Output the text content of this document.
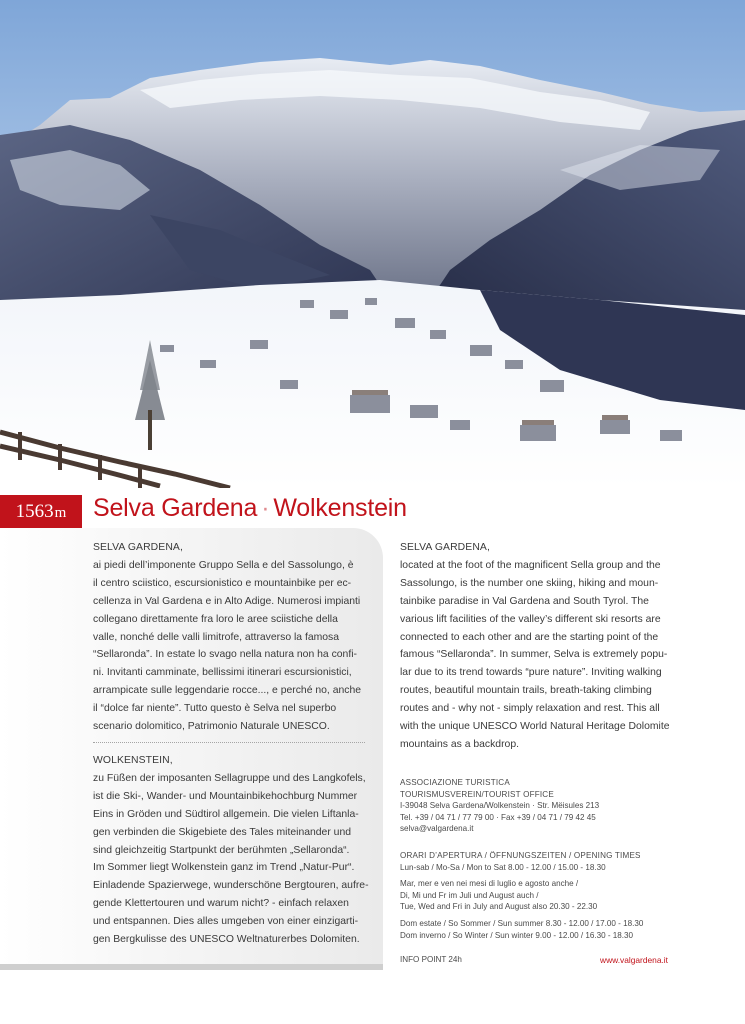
1563 m Selva Gardena · Wolkenstein
SELVA GARDENA,

ai piedi dell’imponente Gruppo Sella e del Sassolungo, è

il centro sciistico, escursionistico e mountainbike per ec-

cellenza in Val Gardena e in Alto Adige. Numerosi impianti

collegano direttamente fra loro le aree sciistiche della

valle, nonché delle valli limitrofe, attraverso la famosa

“Sellaronda”. In estate lo svago nella natura non ha confi-

ni. Invitanti camminate, bellissimi itinerari escursionistici,

arrampicate sulle leggendarie rocce..., e perché no, anche

il “dolce far niente”. Tutto questo è Selva nel superbo

scenario dolomitico, Patrimonio Naturale UNESCO.

WOLKENSTEIN,

zu Füßen der imposanten Sellagruppe und des Langkofels,

ist die Ski-, Wander- und Mountainbikehochburg Nummer

Eins in Gröden und Südtirol allgemein. Die vielen Liftanla-

gen verbinden die Skigebiete des Tales miteinander und

sind gleichzeitig Startpunkt der berühmten „Sellaronda“.

Im Sommer liegt Wolkenstein ganz im Trend „Natur-Pur“.

Einladende Spazierwege, wunderschöne Bergtouren, aufre-

gende Klettertouren und warum nicht? - einfach relaxen

und entspannen. Dies alles umgeben von einer einzigarti-

gen Bergkulisse des UNESCO Weltnaturerbes Dolomiten.

SELVA GARDENA,

located at the foot of the magnificent Sella group and the

Sassolungo, is the number one skiing, hiking and moun-

tainbike paradise in Val Gardena and South Tyrol. The

various lift facilities of the valley’s different ski resorts are

connected to each other and are the starting point of the

famous “Sellaronda”. In summer, Selva is extremely popu-

lar due to its trend towards “pure nature”. Inviting walking

routes, beautiful mountain trails, breath-taking climbing

routes and - why not - simply relaxation and rest. This all

with the unique UNESCO World Natural Heritage Dolomite

mountains as a backdrop.

ASSOCIAZIONE TURISTICA
TOURISMUSVEREIN/TOURIST OFFICE
I-39048 Selva Gardena/Wolkenstein · Str. Mëisules 213
Tel. +39 / 04 71 / 77 79 00 · Fax +39 / 04 71 / 79 42 45
selva@valgardena.it
ORARI D’APERTURA / ÖFFNUNGSZEITEN / OPENING TIMES
Lun-sab / Mo-Sa / Mon to Sat 8.00 - 12.00 / 15.00 - 18.30
Mar, mer e ven nei mesi di luglio e agosto anche /
Di, Mi und Fr im Juli und August auch /
Tue, Wed and Fri in July and August also 20.30 - 22.30
Dom estate / So Sommer / Sun summer 8.30 - 12.00 / 17.00 - 18.30
Dom inverno / So Winter / Sun winter 9.00 - 12.00 / 16.30 - 18.30
INFO POINT 24h	www.valgardena.it
